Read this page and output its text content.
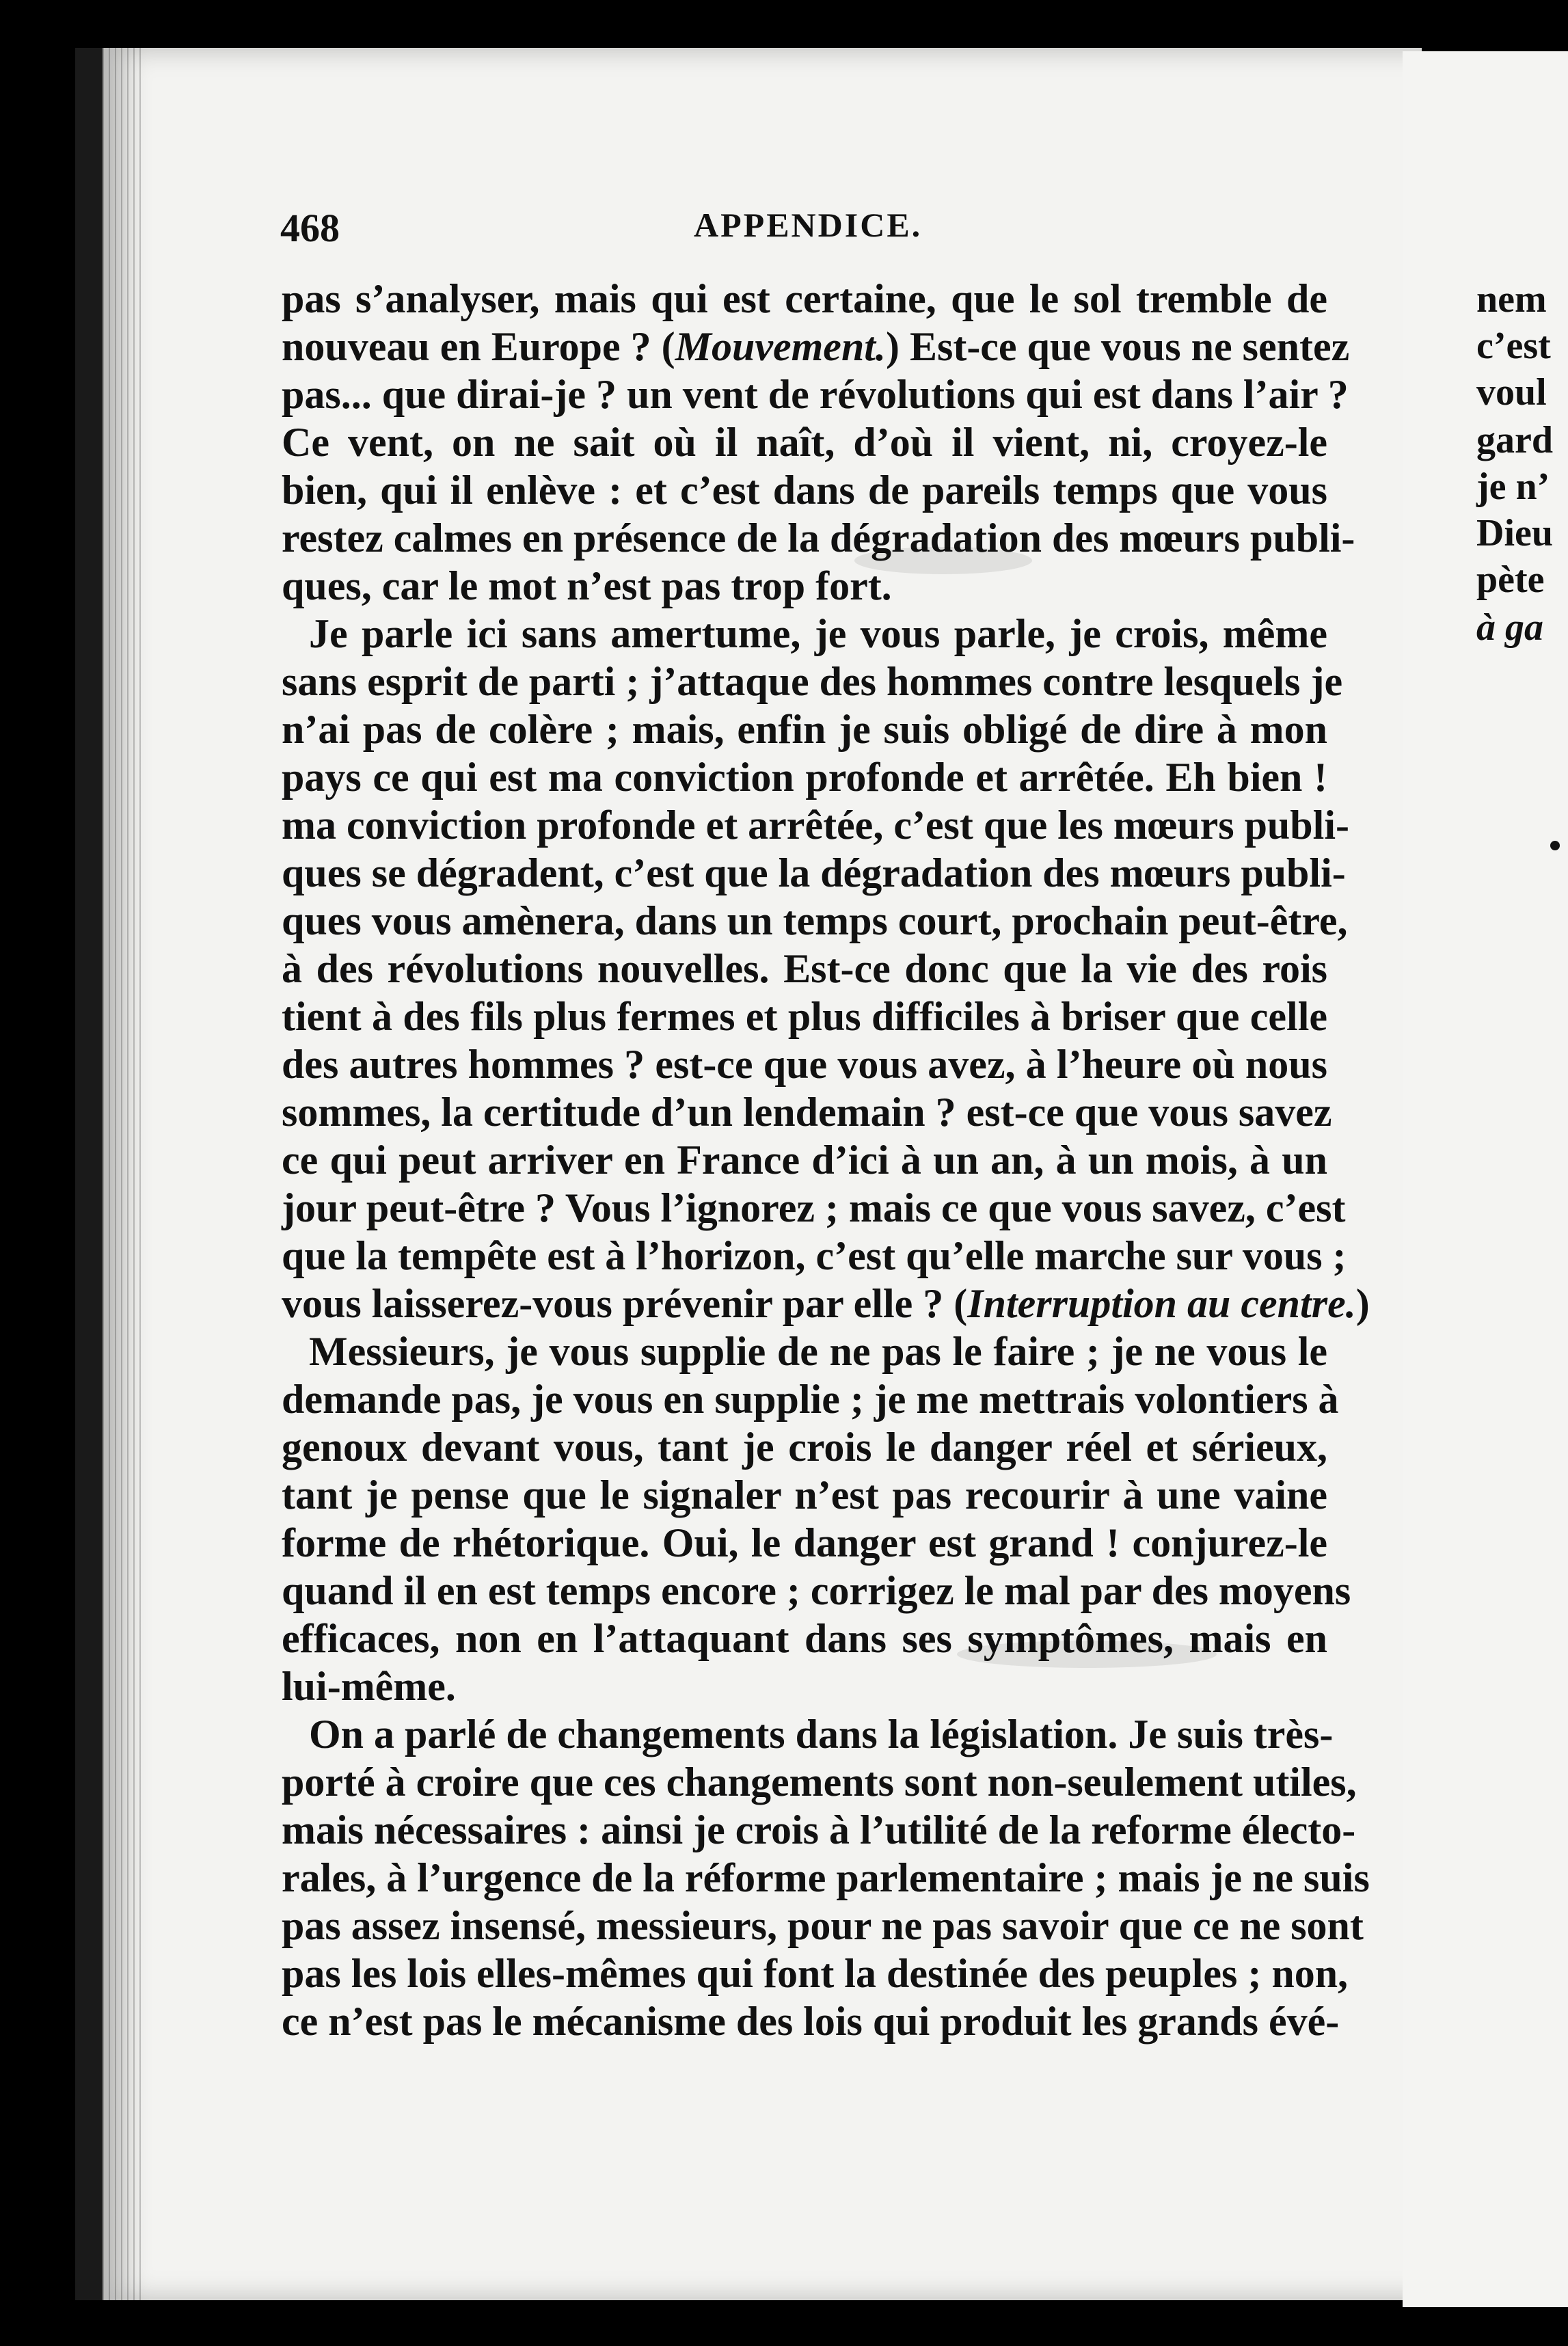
nem
c’est
voul
gard
je n’
Dieu
pète
à ga
468	APPENDICE.
pas s’analyser, mais qui est certaine, que le sol tremble de
nouveau en Europe ? (Mouvement.) Est-ce que vous ne sentez
pas... que dirai-je ? un vent de révolutions qui est dans l’air ?
Ce vent, on ne sait où il naît, d’où il vient, ni, croyez-le
bien, qui il enlève : et c’est dans de pareils temps que vous
restez calmes en présence de la dégradation des mœurs publi-
ques, car le mot n’est pas trop fort.
Je parle ici sans amertume, je vous parle, je crois, même
sans esprit de parti ; j’attaque des hommes contre lesquels je
n’ai pas de colère ; mais, enfin je suis obligé de dire à mon
pays ce qui est ma conviction profonde et arrêtée. Eh bien !
ma conviction profonde et arrêtée, c’est que les mœurs publi-
ques se dégradent, c’est que la dégradation des mœurs publi-
ques vous amènera, dans un temps court, prochain peut-être,
à des révolutions nouvelles. Est-ce donc que la vie des rois
tient à des fils plus fermes et plus difficiles à briser que celle
des autres hommes ? est-ce que vous avez, à l’heure où nous
sommes, la certitude d’un lendemain ? est-ce que vous savez
ce qui peut arriver en France d’ici à un an, à un mois, à un
jour peut-être ? Vous l’ignorez ; mais ce que vous savez, c’est
que la tempête est à l’horizon, c’est qu’elle marche sur vous ;
vous laisserez-vous prévenir par elle ? (Interruption au centre.
Messieurs, je vous supplie de ne pas le faire ; je ne vous le
demande pas, je vous en supplie ; je me mettrais volontiers à
genoux devant vous, tant je crois le danger réel et sérieux,
tant je pense que le signaler n’est pas recourir à une vaine
forme de rhétorique. Oui, le danger est grand ! conjurez-le
quand il en est temps encore ; corrigez le mal par des moyens
efficaces, non en l’attaquant dans ses symptômes, mais en
lui-même.
On a parlé de changements dans la législation. Je suis très-
porté à croire que ces changements sont non-seulement utiles,
mais nécessaires : ainsi je crois à l’utilité de la reforme électo-
rales, à l’urgence de la réforme parlementaire ; mais je ne suis
pas assez insensé, messieurs, pour ne pas savoir que ce ne sont
pas les lois elles-mêmes qui font la destinée des peuples ; non,
ce n’est pas le mécanisme des lois qui produit les grands évé-
